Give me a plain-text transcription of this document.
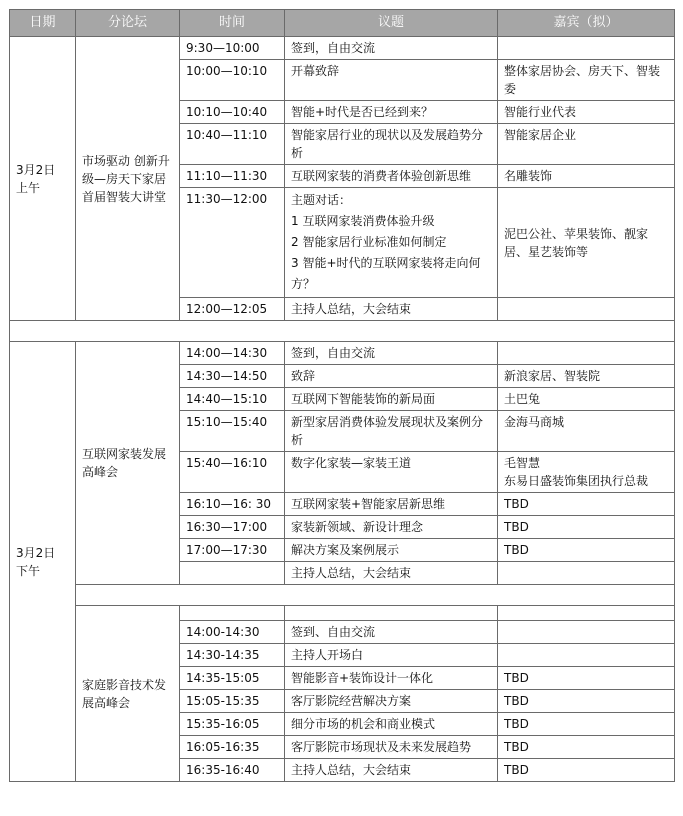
日期	分论坛	时间	议题	嘉宾（拟）

3月2日
上午	市场驱动 创新升级—房天下家居首届智装大讲堂	9:30—10:00	签到，自由交流	
		10:00—10:10	开幕致辞	整体家居协会、房天下、智装委
		10:10—10:40	智能+时代是否已经到来？	智能行业代表
		10:40—11:10	智能家居行业的现状以及发展趋势分析	智能家居企业
		11:10—11:30	互联网家装的消费者体验创新思维	名雕装饰
		11:30—12:00	主题对话：
1 互联网家装消费体验升级
2 智能家居行业标准如何制定
3 智能+时代的互联网家装将走向何方？	泥巴公社、苹果装饰、靓家居、星艺装饰等
		12:00—12:05	主持人总结，大会结束	

3月2日
下午	互联网家装发展高峰会	14:00—14:30	签到，自由交流	
		14:30—14:50	致辞	新浪家居、智装院
		14:40—15:10	互联网下智能装饰的新局面	土巴兔
		15:10—15:40	新型家居消费体验发展现状及案例分析	金海马商城
		15:40—16:10	数字化家装—家装王道	毛智慧
东易日盛装饰集团执行总裁

		16:10—16: 30	互联网家装+智能家居新思维	TBD
		16:30—17:00	家装新领域、新设计理念	TBD
		17:00—17:30	解决方案及案例展示	TBD
			主持人总结，大会结束	

	家庭影音技术发展高峰会			
		14:00-14:30	签到、自由交流	
		14:30-14:35	主持人开场白	
		14:35-15:05	智能影音+装饰设计一体化	TBD
		15:05-15:35	客厅影院经营解决方案	TBD
		15:35-16:05	细分市场的机会和商业模式	TBD
		16:05-16:35	客厅影院市场现状及未来发展趋势	TBD
		16:35-16:40	主持人总结，大会结束	TBD
